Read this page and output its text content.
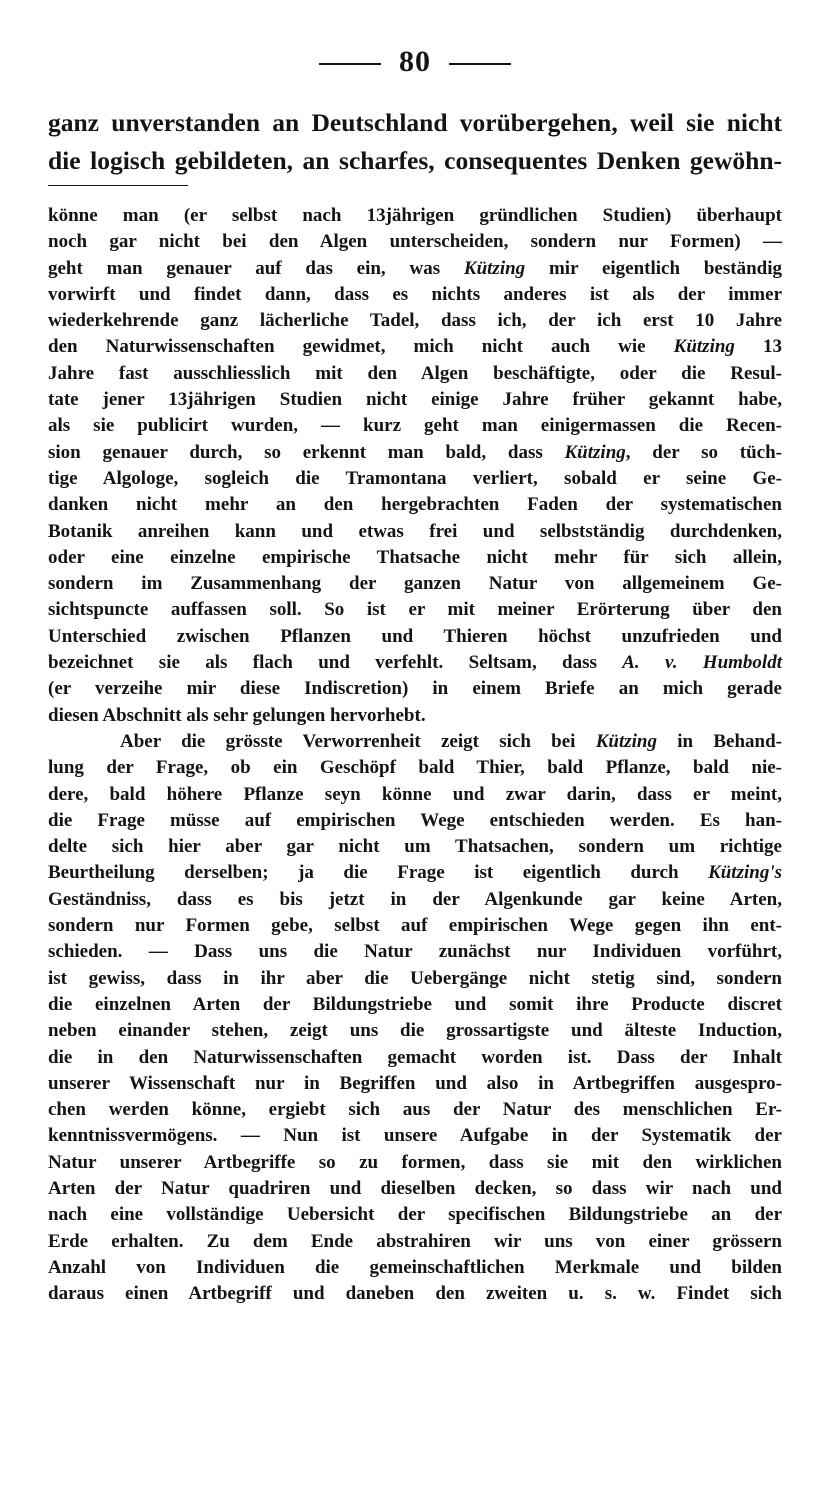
80
ganz unverstanden an Deutschland vorübergehen, weil sie nicht
die logisch gebildeten, an scharfes, consequentes Denken gewöhn-
könne man (er selbst nach 13jährigen gründlichen Studien) überhaupt
noch gar nicht bei den Algen unterscheiden, sondern nur Formen) —
geht man genauer auf das ein, was Kützing mir eigentlich beständig
vorwirft und findet dann, dass es nichts anderes ist als der immer
wiederkehrende ganz lächerliche Tadel, dass ich, der ich erst 10 Jahre
den Naturwissenschaften gewidmet, mich nicht auch wie Kützing 13
Jahre fast ausschliesslich mit den Algen beschäftigte, oder die Resul-
tate jener 13jährigen Studien nicht einige Jahre früher gekannt habe,
als sie publicirt wurden, — kurz geht man einigermassen die Recen-
sion genauer durch, so erkennt man bald, dass Kützing, der so tüch-
tige Algologe, sogleich die Tramontana verliert, sobald er seine Ge-
danken nicht mehr an den hergebrachten Faden der systematischen
Botanik anreihen kann und etwas frei und selbstständig durchdenken,
oder eine einzelne empirische Thatsache nicht mehr für sich allein,
sondern im Zusammenhang der ganzen Natur von allgemeinem Ge-
sichtspuncte auffassen soll. So ist er mit meiner Erörterung über den
Unterschied zwischen Pflanzen und Thieren höchst unzufrieden und
bezeichnet sie als flach und verfehlt. Seltsam, dass A. v. Humboldt
(er verzeihe mir diese Indiscretion) in einem Briefe an mich gerade
diesen Abschnitt als sehr gelungen hervorhebt.
Aber die grösste Verworrenheit zeigt sich bei Kützing in Behand-
lung der Frage, ob ein Geschöpf bald Thier, bald Pflanze, bald nie-
dere, bald höhere Pflanze seyn könne und zwar darin, dass er meint,
die Frage müsse auf empirischen Wege entschieden werden. Es han-
delte sich hier aber gar nicht um Thatsachen, sondern um richtige
Beurtheilung derselben; ja die Frage ist eigentlich durch Kützing's
Geständniss, dass es bis jetzt in der Algenkunde gar keine Arten,
sondern nur Formen gebe, selbst auf empirischen Wege gegen ihn ent-
schieden. — Dass uns die Natur zunächst nur Individuen vorführt,
ist gewiss, dass in ihr aber die Uebergänge nicht stetig sind, sondern
die einzelnen Arten der Bildungstriebe und somit ihre Producte discret
neben einander stehen, zeigt uns die grossartigste und älteste Induction,
die in den Naturwissenschaften gemacht worden ist. Dass der Inhalt
unserer Wissenschaft nur in Begriffen und also in Artbegriffen ausgespro-
chen werden könne, ergiebt sich aus der Natur des menschlichen Er-
kenntnissvermögens. — Nun ist unsere Aufgabe in der Systematik der
Natur unserer Artbegriffe so zu formen, dass sie mit den wirklichen
Arten der Natur quadriren und dieselben decken, so dass wir nach und
nach eine vollständige Uebersicht der specifischen Bildungstriebe an der
Erde erhalten. Zu dem Ende abstrahiren wir uns von einer grössern
Anzahl von Individuen die gemeinschaftlichen Merkmale und bilden
daraus einen Artbegriff und daneben den zweiten u. s. w. Findet sich
